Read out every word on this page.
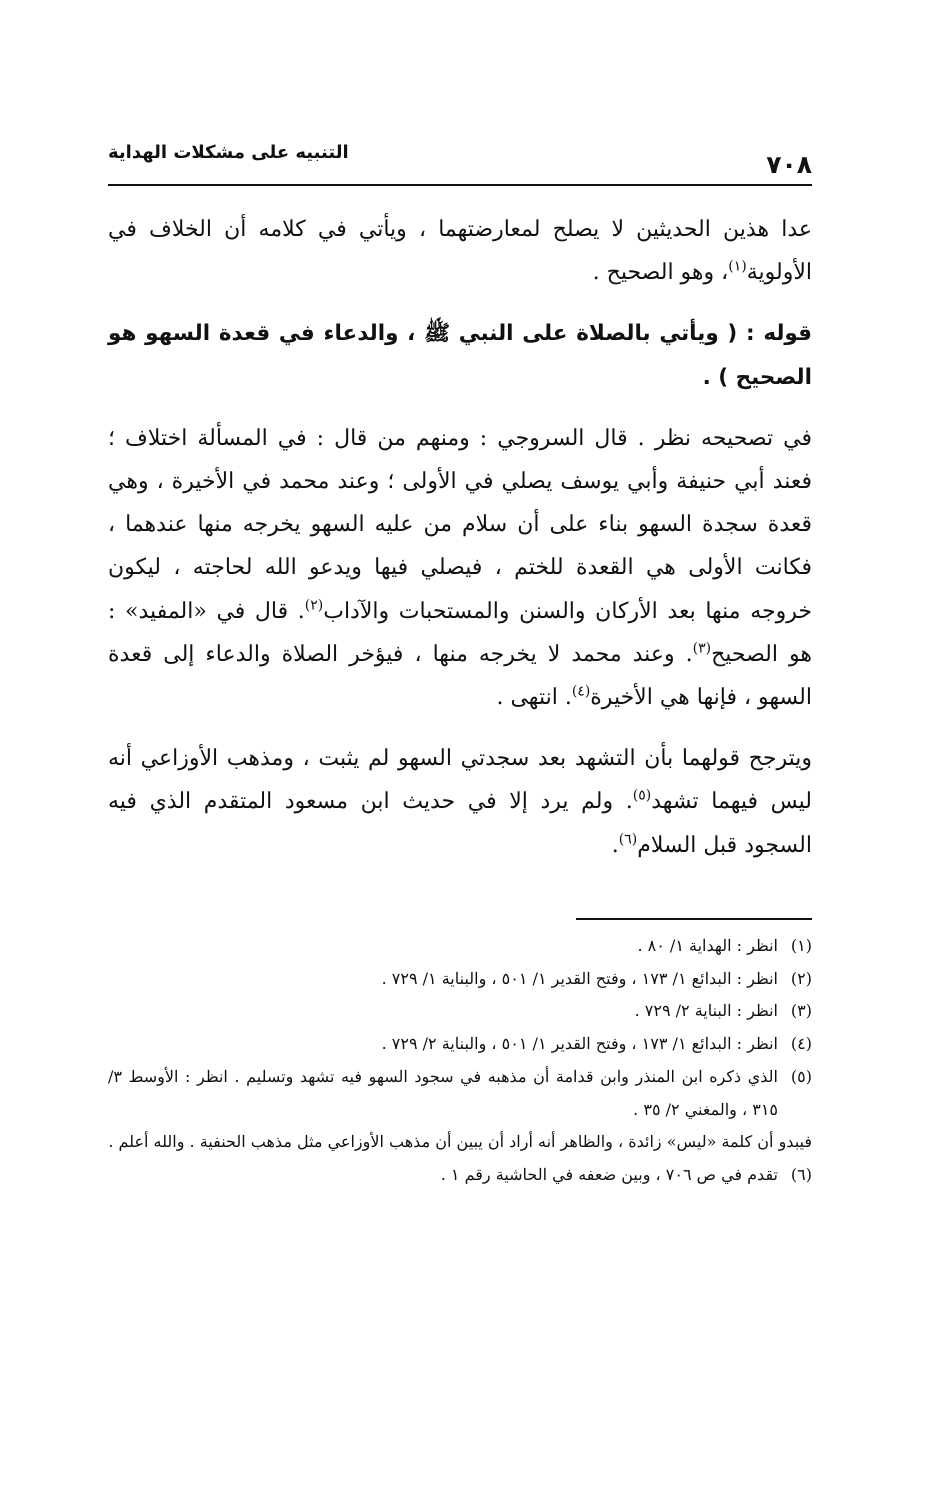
٧٠٨
التنبيه على مشكلات الهداية

عدا هذين الحديثين لا يصلح لمعارضتهما ، ويأتي في كلامه أن الخلاف في الأولوية$^{(١)}$، وهو الصحيح .

قوله : ( ويأتي بالصلاة على النبي ﷺ ، والدعاء في قعدة السهو هو الصحيح ) .

في تصحيحه نظر . قال السروجي : ومنهم من قال : في المسألة اختلاف ؛ فعند أبي حنيفة وأبي يوسف يصلي في الأولى ؛ وعند محمد في الأخيرة ، وهي قعدة سجدة السهو بناء على أن سلام من عليه السهو يخرجه منها عندهما ، فكانت الأولى هي القعدة للختم ، فيصلي فيها ويدعو الله لحاجته ، ليكون خروجه منها بعد الأركان والسنن والمستحبات والآداب$^{(٢)}$. قال في «المفيد» : هو الصحيح$^{(٣)}$. وعند محمد لا يخرجه منها ، فيؤخر الصلاة والدعاء إلى قعدة السهو ، فإنها هي الأخيرة$^{(٤)}$. انتهى .

ويترجح قولهما بأن التشهد بعد سجدتي السهو لم يثبت ، ومذهب الأوزاعي أنه ليس فيهما تشهد$^{(٥)}$. ولم يرد إلا في حديث ابن مسعود المتقدم الذي فيه السجود قبل السلام$^{(٦)}$.

(١)
انظر : الهداية ١/ ٨٠ .

(٢)
انظر : البدائع ١/ ١٧٣ ، وفتح القدير ١/ ٥٠١ ، والبناية ١/ ٧٢٩ .

(٣)
انظر : البناية ٢/ ٧٢٩ .

(٤)
انظر : البدائع ١/ ١٧٣ ، وفتح القدير ١/ ٥٠١ ، والبناية ٢/ ٧٢٩ .

(٥)
الذي ذكره ابن المنذر وابن قدامة أن مذهبه في سجود السهو فيه تشهد وتسليم . انظر : الأوسط ٣/ ٣١٥ ، والمغني ٢/ ٣٥ .

فيبدو أن كلمة «ليس» زائدة ، والظاهر أنه أراد أن يبين أن مذهب الأوزاعي مثل مذهب الحنفية . والله أعلم .

(٦)
تقدم في ص ٧٠٦ ، وبين ضعفه في الحاشية رقم ١ .
